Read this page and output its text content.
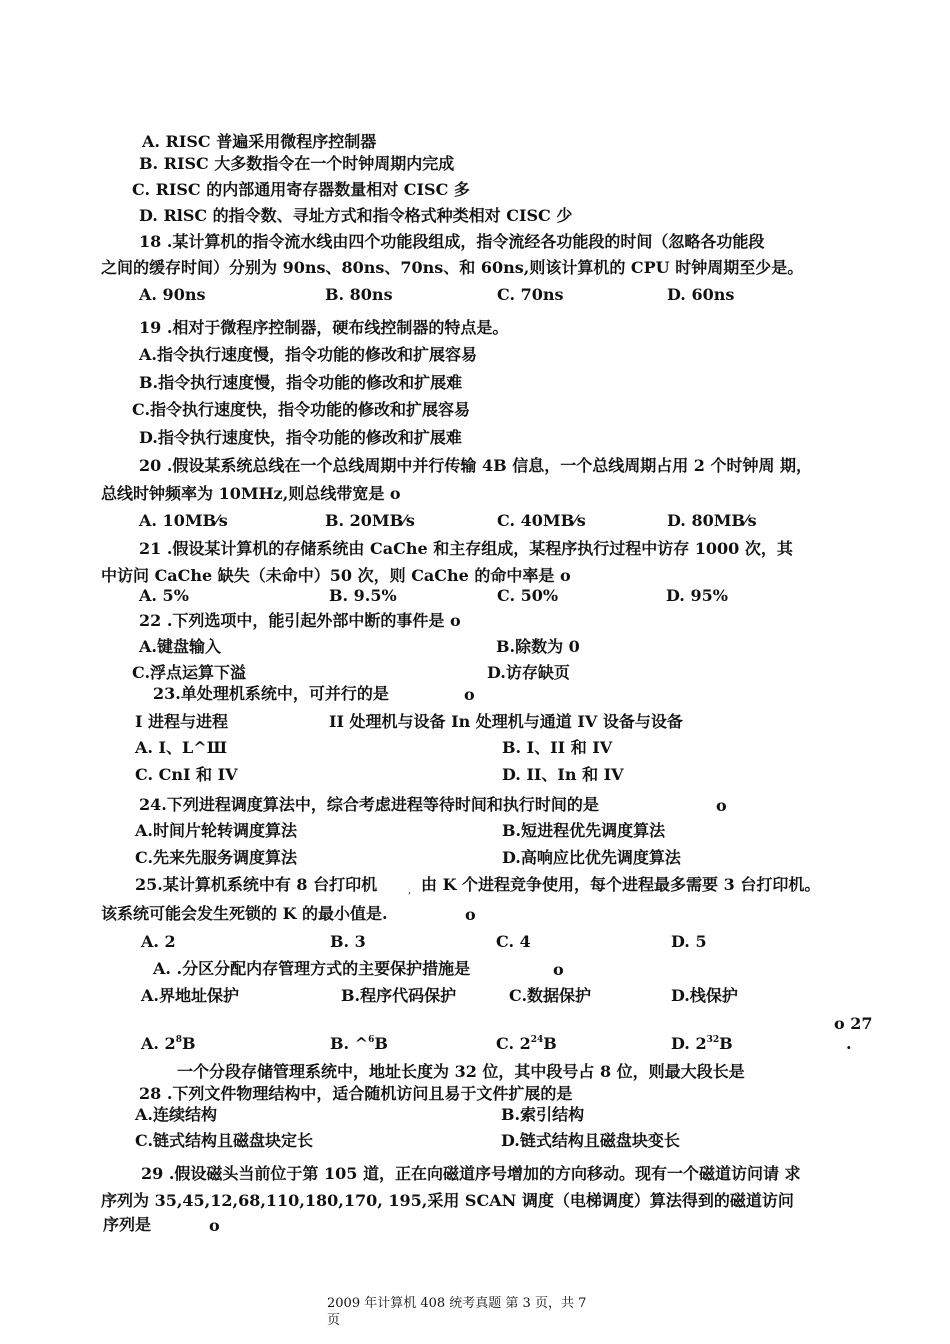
A. RISC 普遍采用微程序控制器
B. RISC 大多数指令在一个时钟周期内完成
C. RISC 的内部通用寄存器数量相对 CISC 多
D. RlSC 的指令数、寻址方式和指令格式种类相对 CISC 少
18 .某计算机的指令流水线由四个功能段组成，指令流经各功能段的时间（忽略各功能段
之间的缓存时间）分别为 90ns、80ns、70ns、和 60ns,则该计算机的 CPU 时钟周期至少是。
A. 90ns	B. 80ns	C. 70ns	D. 60ns
19 .相对于微程序控制器，硬布线控制器的特点是。
A.指令执行速度慢，指令功能的修改和扩展容易
B.指令执行速度慢，指令功能的修改和扩展难
C.指令执行速度快，指令功能的修改和扩展容易
D.指令执行速度快，指令功能的修改和扩展难
20 .假设某系统总线在一个总线周期中并行传输 4B 信息，一个总线周期占用 2 个时钟周 期，
总线时钟频率为 10MHz,则总线带宽是 o
A. 10MB⁄s	B. 20MB⁄s	C. 40MB⁄s	D. 80MB⁄s
21 .假设某计算机的存储系统由 CaChe 和主存组成，某程序执行过程中访存 1000 次，其
中访问 CaChe 缺失（未命中）50 次，则 CaChe 的命中率是 o
A. 5%	B. 9.5%	C. 50%	D. 95%
22 .下列选项中，能引起外部中断的事件是 o
A.键盘输入	B.除数为 0
C.浮点运算下溢	D.访存缺页
23.单处理机系统中，可并行的是	o
I 进程与进程	II 处理机与设备 In 处理机与通道 IV 设备与设备
A. I、L^Ш	B. I、II 和 IV
C. CnI 和 IV	D. II、In 和 IV
24.下列进程调度算法中，综合考虑进程等待时间和执行时间的是	o
A.时间片轮转调度算法	B.短进程优先调度算法
C.先来先服务调度算法	D.高响应比优先调度算法
25.某计算机系统中有 8 台打印机	, 由 K 个进程竞争使用，每个进程最多需要 3 台打印机。
该系统可能会发生死锁的 K 的最小值是.	o
A. 2	B. 3	C. 4	D. 5
A. .分区分配内存管理方式的主要保护措施是	o
A.界地址保护	B.程序代码保护	C.数据保护	D.栈保护
o 27
.
A. $2^8B$	B. ^$^6$B	C. $2^{24}B$	D. $2^{32}B$
一个分段存储管理系统中，地址长度为 32 位，其中段号占 8 位，则最大段长是
28 .下列文件物理结构中，适合随机访问且易于文件扩展的是
A.连续结构	B.索引结构
C.链式结构且磁盘块定长	D.链式结构且磁盘块变长
29 .假设磁头当前位于第 105 道，正在向磁道序号增加的方向移动。现有一个磁道访问请 求
序列为 35,45,12,68,110,180,170, 195,采用 SCAN 调度（电梯调度）算法得到的磁道访问
序列是	o
2009 年计算机 408 统考真题 第 3 页，共 7
页
